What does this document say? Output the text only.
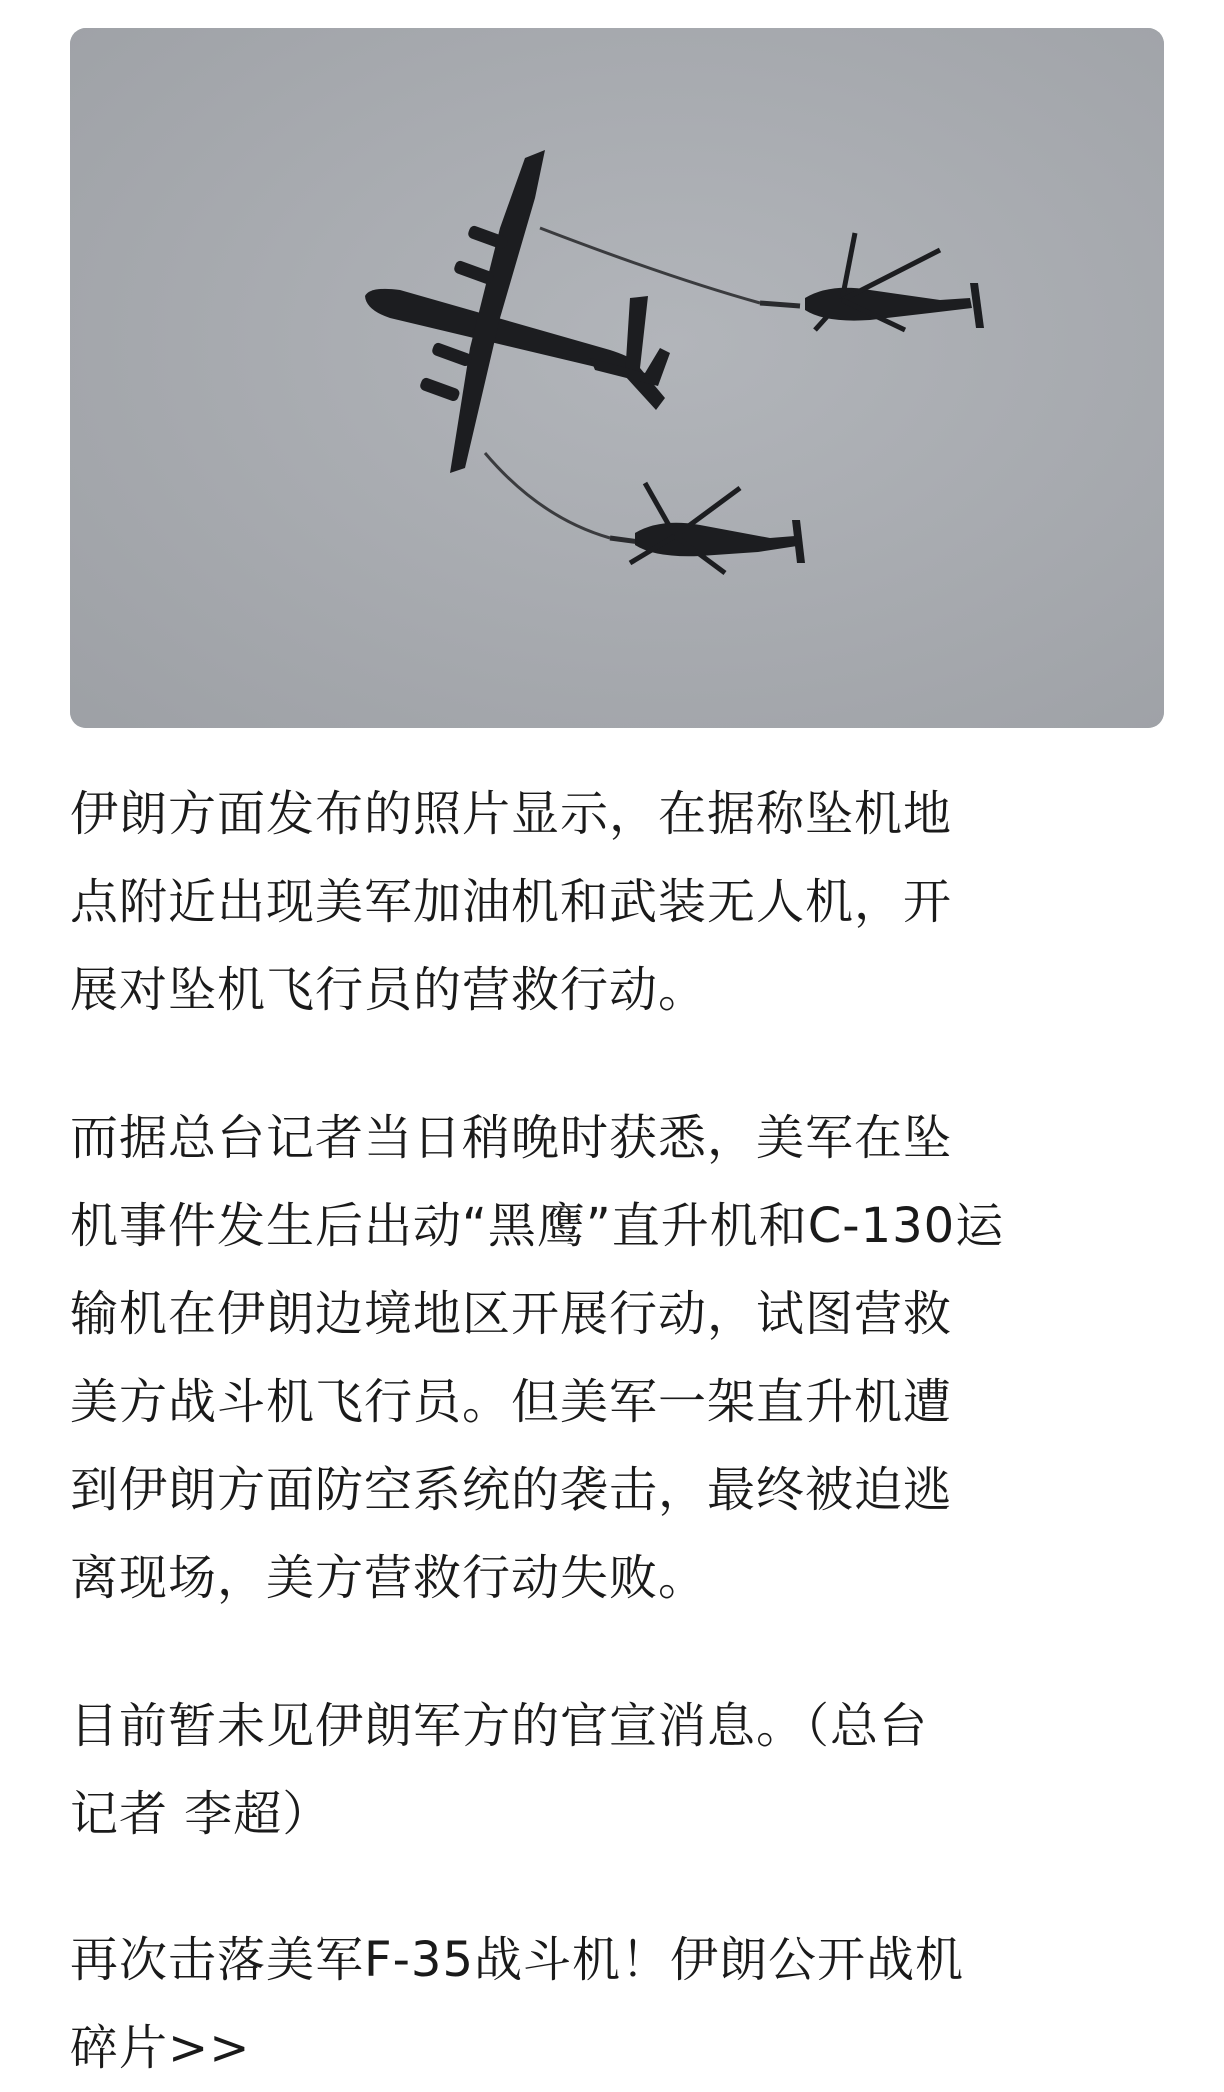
伊朗方面发布的照片显示，在据称坠机地
点附近出现美军加油机和武装无人机，开
展对坠机飞行员的营救行动。

而据总台记者当日稍晚时获悉，美军在坠
机事件发生后出动“黑鹰”直升机和C-130运
输机在伊朗边境地区开展行动，试图营救
美方战斗机飞行员。但美军一架直升机遭
到伊朗方面防空系统的袭击，最终被迫逃
离现场，美方营救行动失败。

目前暂未见伊朗军方的官宣消息。（总台
记者 李超）

再次击落美军F-35战斗机！伊朗公开战机
碎片>>
